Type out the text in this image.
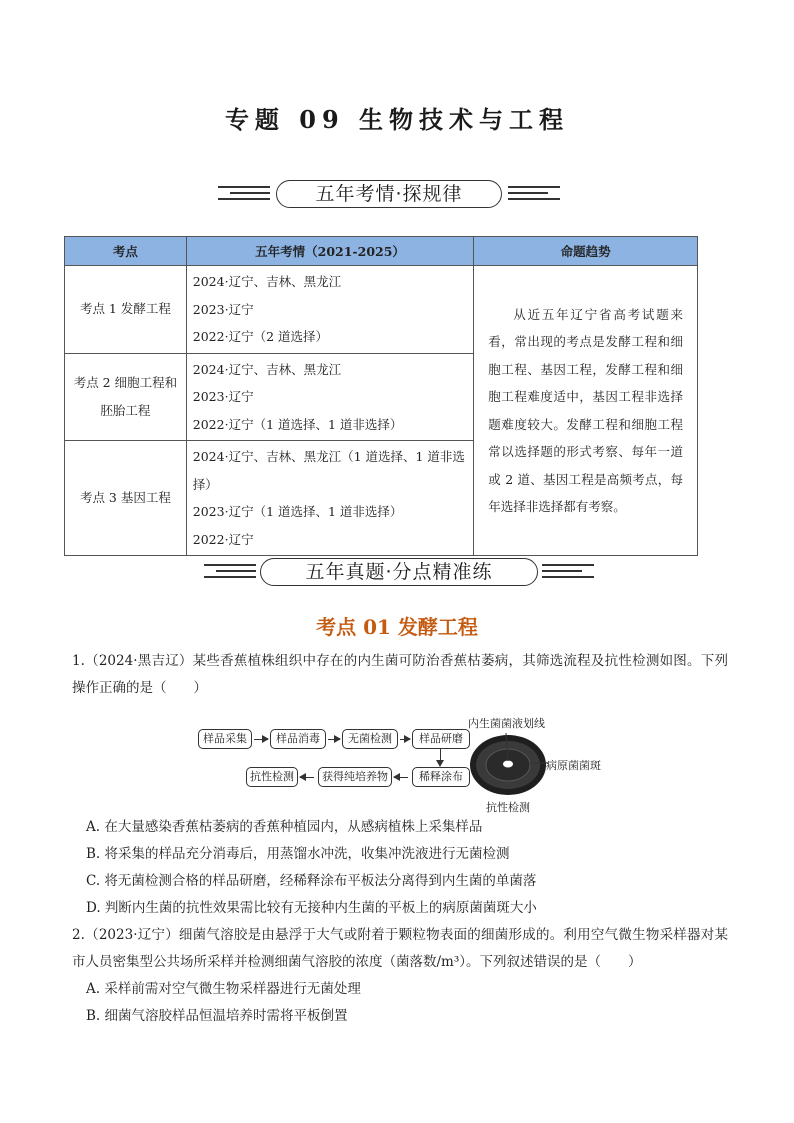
专题 09 生物技术与工程
五年考情·探规律
考点	五年考情（2021-2025）	命题趋势
考点 1 发酵工程	2024·辽宁、吉林、黑龙江
2023·辽宁
2022·辽宁（2 道选择）	从近五年辽宁省高考试题来看，常出现的考点是发酵工程和细胞工程、基因工程，发酵工程和细胞工程难度适中，基因工程非选择题难度较大。发酵工程和细胞工程常以选择题的形式考察、每年一道或 2 道、基因工程是高频考点，每年选择非选择都有考察。
考点 2 细胞工程和胚胎工程	2024·辽宁、吉林、黑龙江
2023·辽宁
2022·辽宁（1 道选择、1 道非选择）	

考点 3 基因工程	2024·辽宁、吉林、黑龙江（1 道选择、1 道非选择）
2023·辽宁（1 道选择、1 道非选择）
2022·辽宁	
五年真题·分点精准练
考点 01 发酵工程
1.（2024·黑吉辽）某些香蕉植株组织中存在的内生菌可防治香蕉枯萎病，其筛选流程及抗性检测如图。下列操作正确的是（　　）
样品采集	样品消毒	无菌检测	样品研磨
稀释涂布
获得纯培养物
抗性检测
内生菌菌液划线
病原菌菌斑
抗性检测
A. 在大量感染香蕉枯萎病的香蕉种植园内，从感病植株上采集样品
B. 将采集的样品充分消毒后，用蒸馏水冲洗，收集冲洗液进行无菌检测
C. 将无菌检测合格的样品研磨，经稀释涂布平板法分离得到内生菌的单菌落
D. 判断内生菌的抗性效果需比较有无接种内生菌的平板上的病原菌菌斑大小
2.（2023·辽宁）细菌气溶胶是由悬浮于大气或附着于颗粒物表面的细菌形成的。利用空气微生物采样器对某市人员密集型公共场所采样并检测细菌气溶胶的浓度（菌落数/m³）。下列叙述错误的是（　　）
A. 采样前需对空气微生物采样器进行无菌处理
B. 细菌气溶胶样品恒温培养时需将平板倒置
